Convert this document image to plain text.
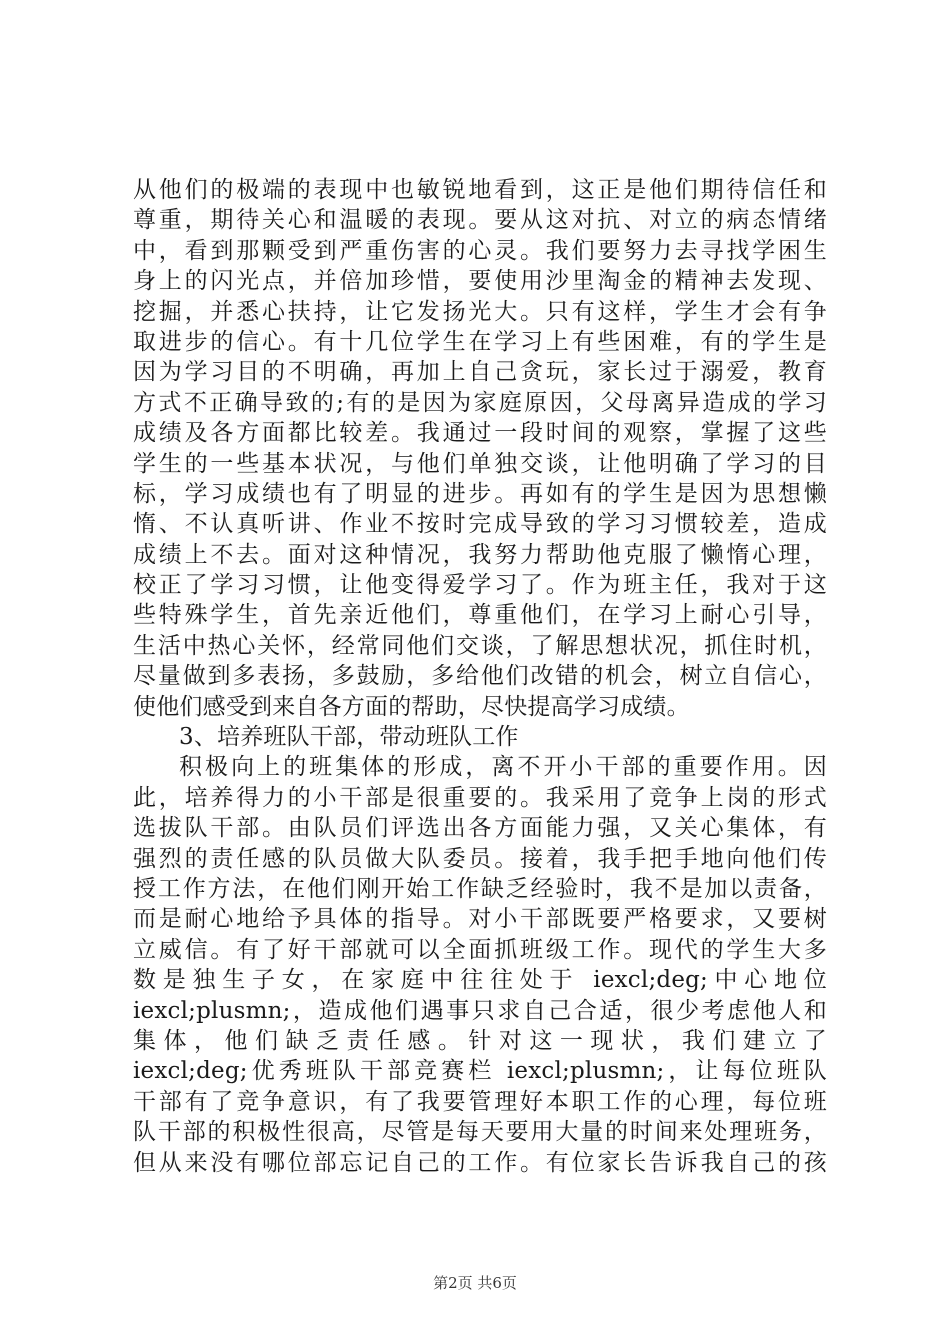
从他们的极端的表现中也敏锐地看到，这正是他们期待信任和
尊重，期待关心和温暖的表现。要从这对抗、对立的病态情绪
中，看到那颗受到严重伤害的心灵。我们要努力去寻找学困生
身上的闪光点，并倍加珍惜，要使用沙里淘金的精神去发现、
挖掘，并悉心扶持，让它发扬光大。只有这样，学生才会有争
取进步的信心。有十几位学生在学习上有些困难，有的学生是
因为学习目的不明确，再加上自己贪玩，家长过于溺爱，教育
方式不正确导致的;有的是因为家庭原因，父母离异造成的学习
成绩及各方面都比较差。我通过一段时间的观察，掌握了这些
学生的一些基本状况，与他们单独交谈，让他明确了学习的目
标，学习成绩也有了明显的进步。再如有的学生是因为思想懒
惰、不认真听讲、作业不按时完成导致的学习习惯较差，造成
成绩上不去。面对这种情况，我努力帮助他克服了懒惰心理，
校正了学习习惯，让他变得爱学习了。作为班主任，我对于这
些特殊学生，首先亲近他们，尊重他们，在学习上耐心引导，
生活中热心关怀，经常同他们交谈，了解思想状况，抓住时机，
尽量做到多表扬，多鼓励，多给他们改错的机会，树立自信心，
使他们感受到来自各方面的帮助，尽快提高学习成绩。
3、培养班队干部，带动班队工作
积极向上的班集体的形成，离不开小干部的重要作用。因
此，培养得力的小干部是很重要的。我采用了竞争上岗的形式
选拔队干部。由队员们评选出各方面能力强，又关心集体，有
强烈的责任感的队员做大队委员。接着，我手把手地向他们传
授工作方法，在他们刚开始工作缺乏经验时，我不是加以责备，
而是耐心地给予具体的指导。对小干部既要严格要求，又要树
立威信。有了好干部就可以全面抓班级工作。现代的学生大多
数是独生子女，在家庭中往往处于 iexcl;deg;中心地位
iexcl;plusmn;，造成他们遇事只求自己合适，很少考虑他人和
集体，他们缺乏责任感。针对这一现状，我们建立了
iexcl;deg;优秀班队干部竞赛栏 iexcl;plusmn;，让每位班队
干部有了竞争意识，有了我要管理好本职工作的心理，每位班
队干部的积极性很高，尽管是每天要用大量的时间来处理班务，
但从来没有哪位部忘记自己的工作。有位家长告诉我自己的孩
第2页 共6页
